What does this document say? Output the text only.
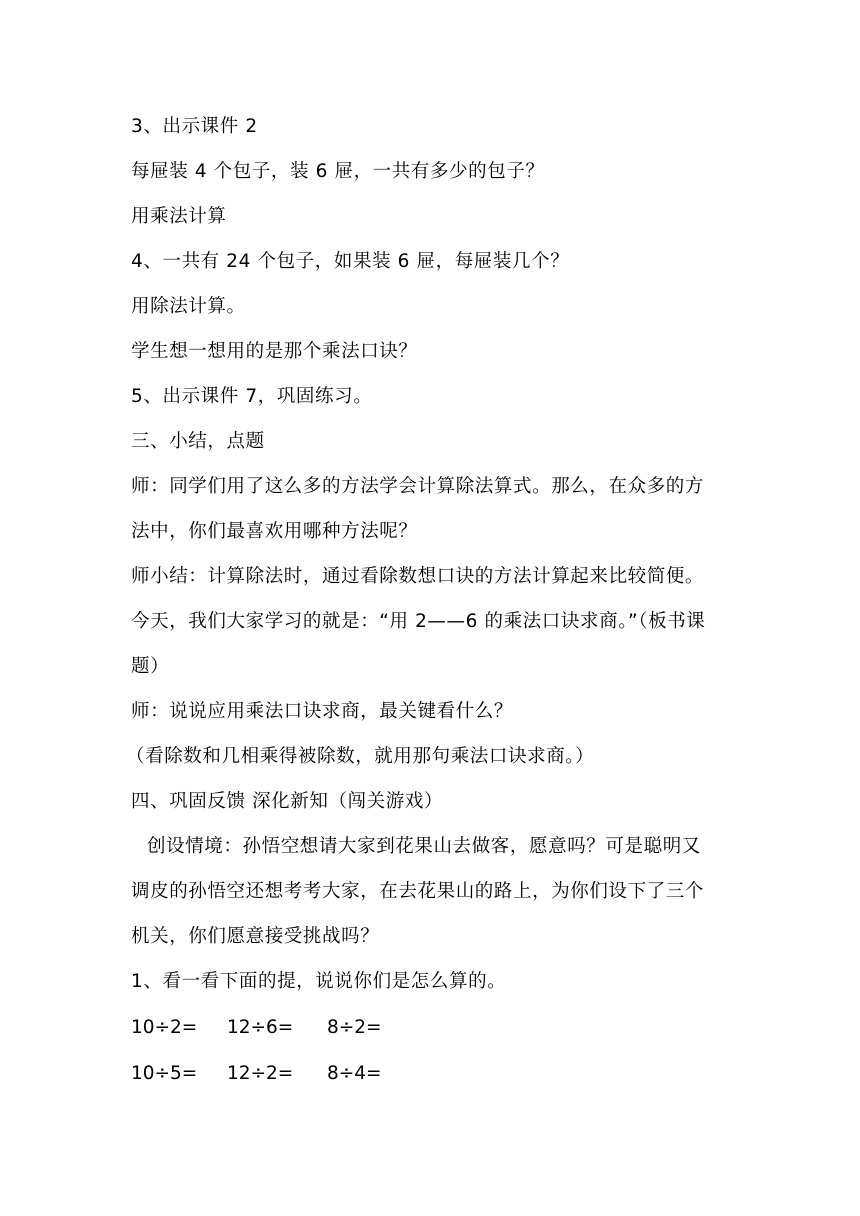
3、出示课件 2
每屉装 4 个包子，装 6 屉，一共有多少的包子？
用乘法计算
4、一共有 24 个包子，如果装 6 屉，每屉装几个？
用除法计算。
学生想一想用的是那个乘法口诀？
5、出示课件 7，巩固练习。
三、小结，点题
师：同学们用了这么多的方法学会计算除法算式。那么，在众多的方
法中，你们最喜欢用哪种方法呢？
师小结：计算除法时，通过看除数想口诀的方法计算起来比较简便。
今天，我们大家学习的就是：“用 2——6 的乘法口诀求商。”（板书课
题）
师：说说应用乘法口诀求商，最关键看什么？
（看除数和几相乘得被除数，就用那句乘法口诀求商。）
四、巩固反馈 深化新知（闯关游戏）
创设情境：孙悟空想请大家到花果山去做客，愿意吗？可是聪明又
调皮的孙悟空还想考考大家，在去花果山的路上，为你们设下了三个
机关，你们愿意接受挑战吗？
1、看一看下面的提，说说你们是怎么算的。
10÷2= 12÷6= 8÷2=
10÷5= 12÷2= 8÷4=
